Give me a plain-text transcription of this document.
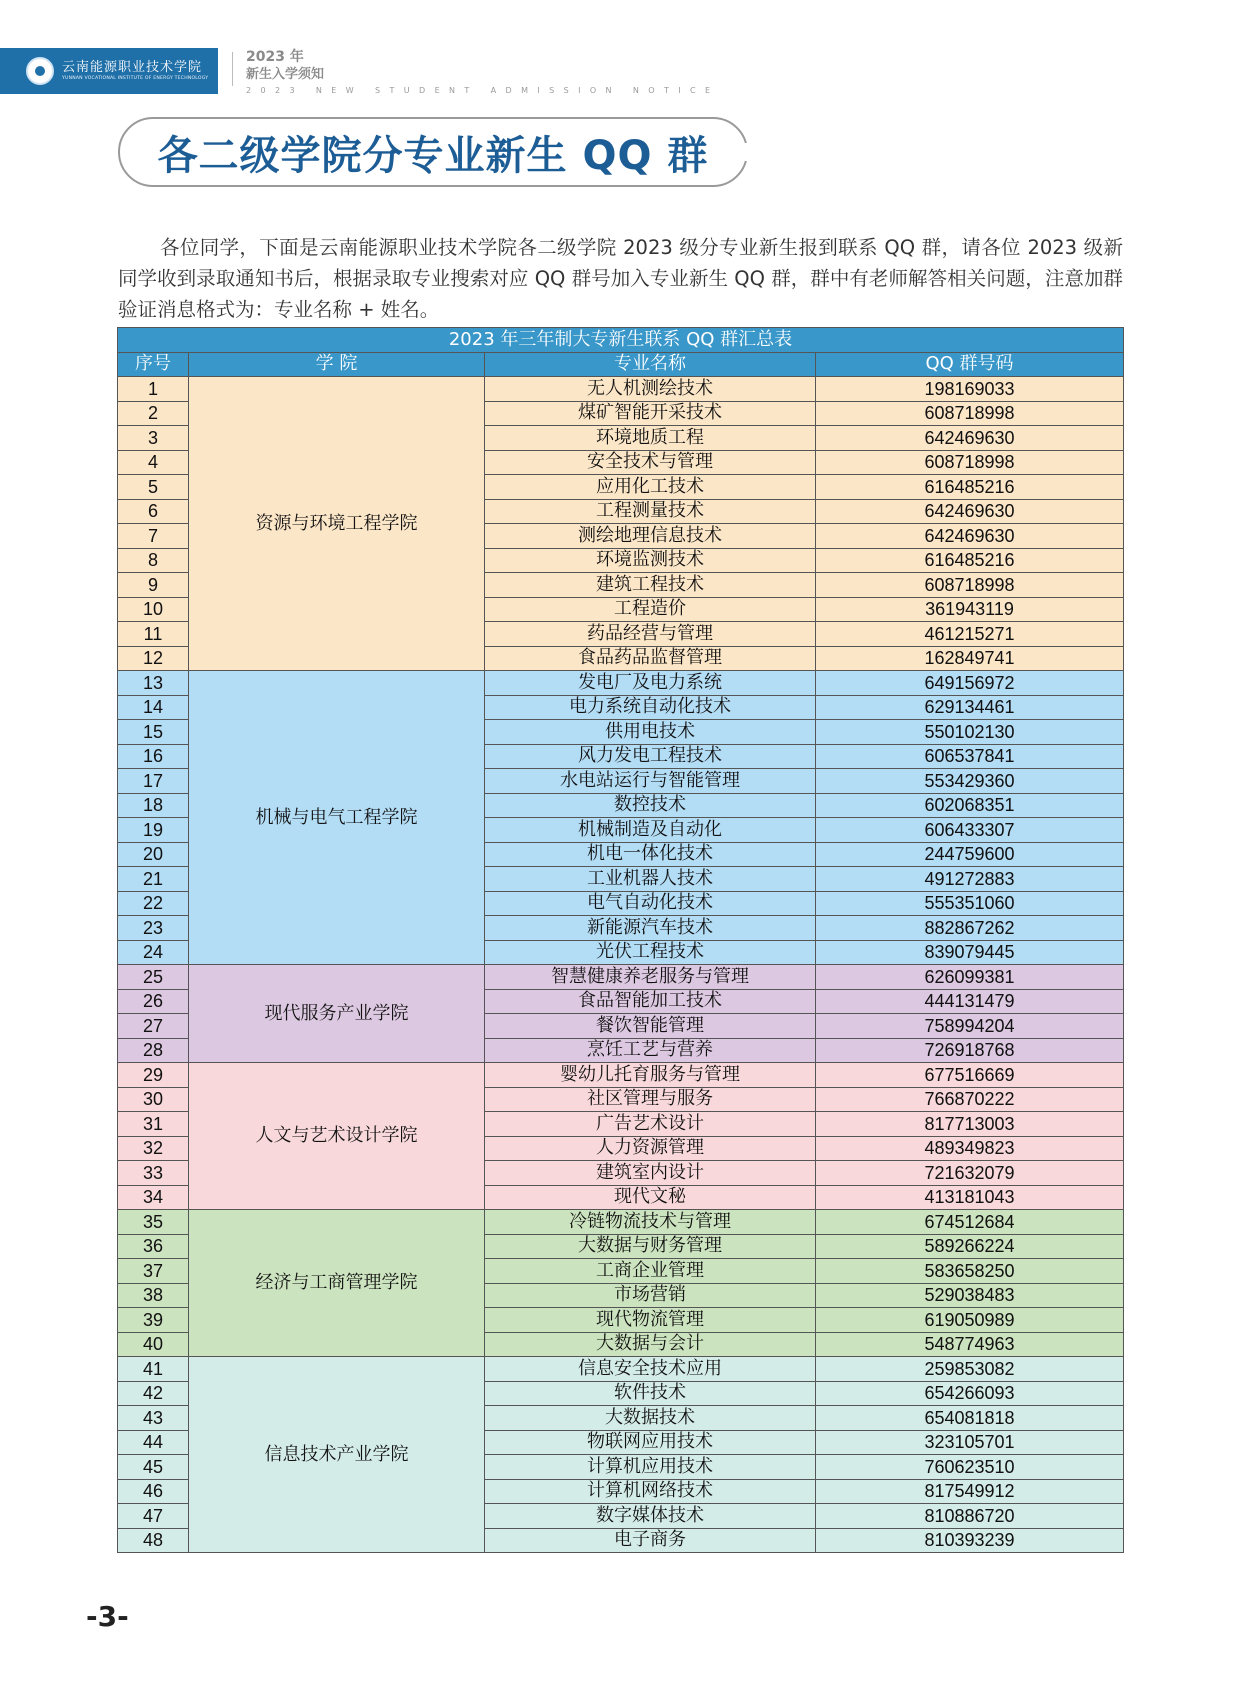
云南能源职业技术学院
YUNNAN VOCATIONAL INSTITUTE OF ENERGY TECHNOLOGY
2023 年
新生入学须知
2023 NEW STUDENT ADMISSION NOTICE
各二级学院分专业新生 QQ 群

各位同学，下面是云南能源职业技术学院各二级学院 2023 级分专业新生报到联系 QQ 群，请各位 2023 级新同学收到录取通知书后，根据录取专业搜索对应 QQ 群号加入专业新生 QQ 群，群中有老师解答相关问题，注意加群验证消息格式为：专业名称 + 姓名。

2023 年三年制大专新生联系 QQ 群汇总表			
序号	学 院	专业名称	QQ 群号码
1	资源与环境工程学院	无人机测绘技术	198169033
2		煤矿智能开采技术	608718998
3		环境地质工程	642469630
4		安全技术与管理	608718998
5		应用化工技术	616485216
6		工程测量技术	642469630
7		测绘地理信息技术	642469630
8		环境监测技术	616485216
9		建筑工程技术	608718998
10		工程造价	361943119
11		药品经营与管理	461215271
12		食品药品监督管理	162849741
13	机械与电气工程学院	发电厂及电力系统	649156972
14		电力系统自动化技术	629134461
15		供用电技术	550102130
16		风力发电工程技术	606537841
17		水电站运行与智能管理	553429360
18		数控技术	602068351
19		机械制造及自动化	606433307
20		机电一体化技术	244759600
21		工业机器人技术	491272883
22		电气自动化技术	555351060
23		新能源汽车技术	882867262
24		光伏工程技术	839079445
25	现代服务产业学院	智慧健康养老服务与管理	626099381
26		食品智能加工技术	444131479
27		餐饮智能管理	758994204
28		烹饪工艺与营养	726918768
29	人文与艺术设计学院	婴幼儿托育服务与管理	677516669
30		社区管理与服务	766870222
31		广告艺术设计	817713003
32		人力资源管理	489349823
33		建筑室内设计	721632079
34		现代文秘	413181043
35	经济与工商管理学院	冷链物流技术与管理	674512684
36		大数据与财务管理	589266224
37		工商企业管理	583658250
38		市场营销	529038483
39		现代物流管理	619050989
40		大数据与会计	548774963
41	信息技术产业学院	信息安全技术应用	259853082
42		软件技术	654266093
43		大数据技术	654081818
44		物联网应用技术	323105701
45		计算机应用技术	760623510
46		计算机网络技术	817549912
47		数字媒体技术	810886720
48		电子商务	810393239
-3-
